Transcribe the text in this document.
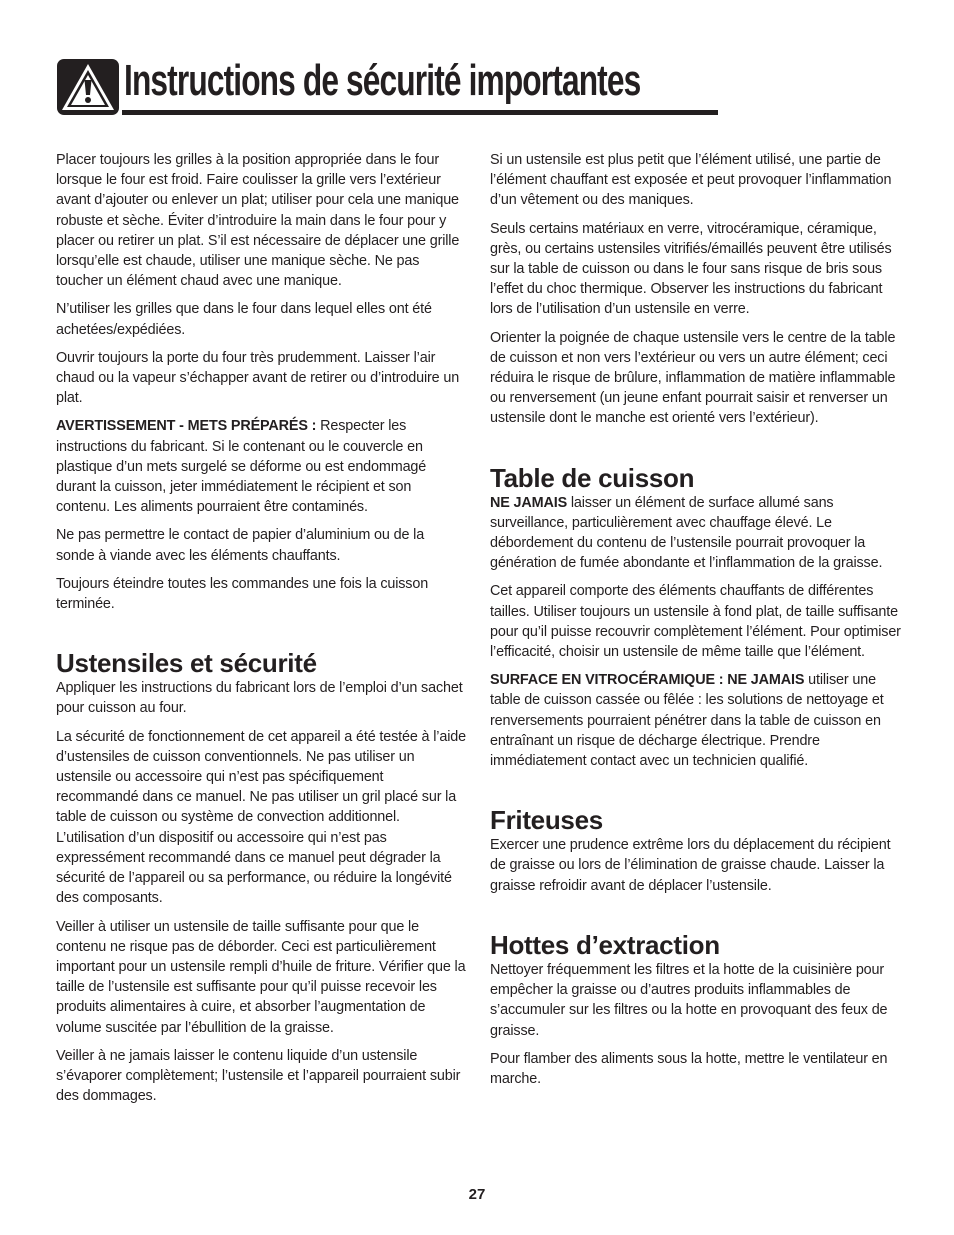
Instructions de sécurité importantes

Placer toujours les grilles à la position appropriée dans le four lorsque le four est froid. Faire coulisser la grille vers l’extérieur avant d’ajouter ou enlever un plat; utiliser pour cela une manique robuste et sèche. Éviter d’introduire la main dans le four pour y placer ou retirer un plat. S’il est nécessaire de déplacer une grille lorsqu’elle est chaude, utiliser une manique sèche. Ne pas toucher un élément chaud avec une manique.

N’utiliser les grilles que dans le four dans lequel elles ont été achetées/expédiées.

Ouvrir toujours la porte du four très prudemment. Laisser l’air chaud ou la vapeur s’échapper avant de retirer ou d’introduire un plat.

AVERTISSEMENT - METS PRÉPARÉS : Respecter les instructions du fabricant. Si le contenant ou le couvercle en plastique d’un mets surgelé se déforme ou est endommagé durant la cuisson, jeter immédiatement le récipient et son contenu. Les aliments pourraient être contaminés.

Ne pas permettre le contact de papier d’aluminium ou de la sonde à viande avec les éléments chauffants.

Toujours éteindre toutes les commandes une fois la cuisson terminée.

Ustensiles et sécurité

Appliquer les instructions du fabricant lors de l’emploi d’un sachet pour cuisson au four.

La sécurité de fonctionnement de cet appareil a été testée à l’aide d’ustensiles de cuisson conventionnels. Ne pas utiliser un ustensile ou accessoire qui n’est pas spécifiquement recommandé dans ce manuel. Ne pas utiliser un gril placé sur la table de cuisson ou système de convection additionnel. L’utilisation d’un dispositif ou accessoire qui n’est pas expressément recommandé dans ce manuel peut dégrader la sécurité de l’appareil ou sa performance, ou réduire la longévité des composants.

Veiller à utiliser un ustensile de taille suffisante pour que le contenu ne risque pas de déborder. Ceci est particulièrement important pour un ustensile rempli d’huile de friture. Vérifier que la taille de l’ustensile est suffisante pour qu’il puisse recevoir les produits alimentaires à cuire, et absorber l’augmentation de volume suscitée par l’ébullition de la graisse.

Veiller à ne jamais laisser le contenu liquide d’un ustensile s’évaporer complètement; l’ustensile et l’appareil pourraient subir des dommages.

Si un ustensile est plus petit que l’élément utilisé, une partie de l’élément chauffant est exposée et peut provoquer l’inflammation d’un vêtement ou des maniques.

Seuls certains matériaux en verre, vitrocéramique, céramique, grès, ou certains ustensiles vitrifiés/émaillés peuvent être utilisés sur la table de cuisson ou dans le four sans risque de bris sous l’effet du choc thermique. Observer les instructions du fabricant lors de l’utilisation d’un ustensile en verre.

Orienter la poignée de chaque ustensile vers le centre de la table de cuisson et non vers l’extérieur ou vers un autre élément; ceci réduira le risque de brûlure, inflammation de matière inflammable ou renversement (un jeune enfant pourrait saisir et renverser un ustensile dont le manche est orienté vers l’extérieur).

Table de cuisson

NE JAMAIS laisser un élément de surface allumé sans surveillance, particulièrement avec chauffage élevé. Le débordement du contenu de l’ustensile pourrait provoquer la génération de fumée abondante et l’inflammation de la graisse.

Cet appareil comporte des éléments chauffants de différentes tailles. Utiliser toujours un ustensile à fond plat, de taille suffisante pour qu’il puisse recouvrir complètement l’élément. Pour optimiser l’efficacité, choisir un ustensile de même taille que l’élément.

SURFACE EN VITROCÉRAMIQUE : NE JAMAIS utiliser une table de cuisson cassée ou fêlée : les solutions de nettoyage et renversements pourraient pénétrer dans la table de cuisson en entraînant un risque de décharge électrique. Prendre immédiatement contact avec un technicien qualifié.

Friteuses

Exercer une prudence extrême lors du déplacement du récipient de graisse ou lors de l’élimination de graisse chaude. Laisser la graisse refroidir avant de déplacer l’ustensile.

Hottes d’extraction

Nettoyer fréquemment les filtres et la hotte de la cuisinière pour empêcher la graisse ou d’autres produits inflammables de s’accumuler sur les filtres ou la hotte en provoquant des feux de graisse.

Pour flamber des aliments sous la hotte, mettre le ventilateur en marche.

27
